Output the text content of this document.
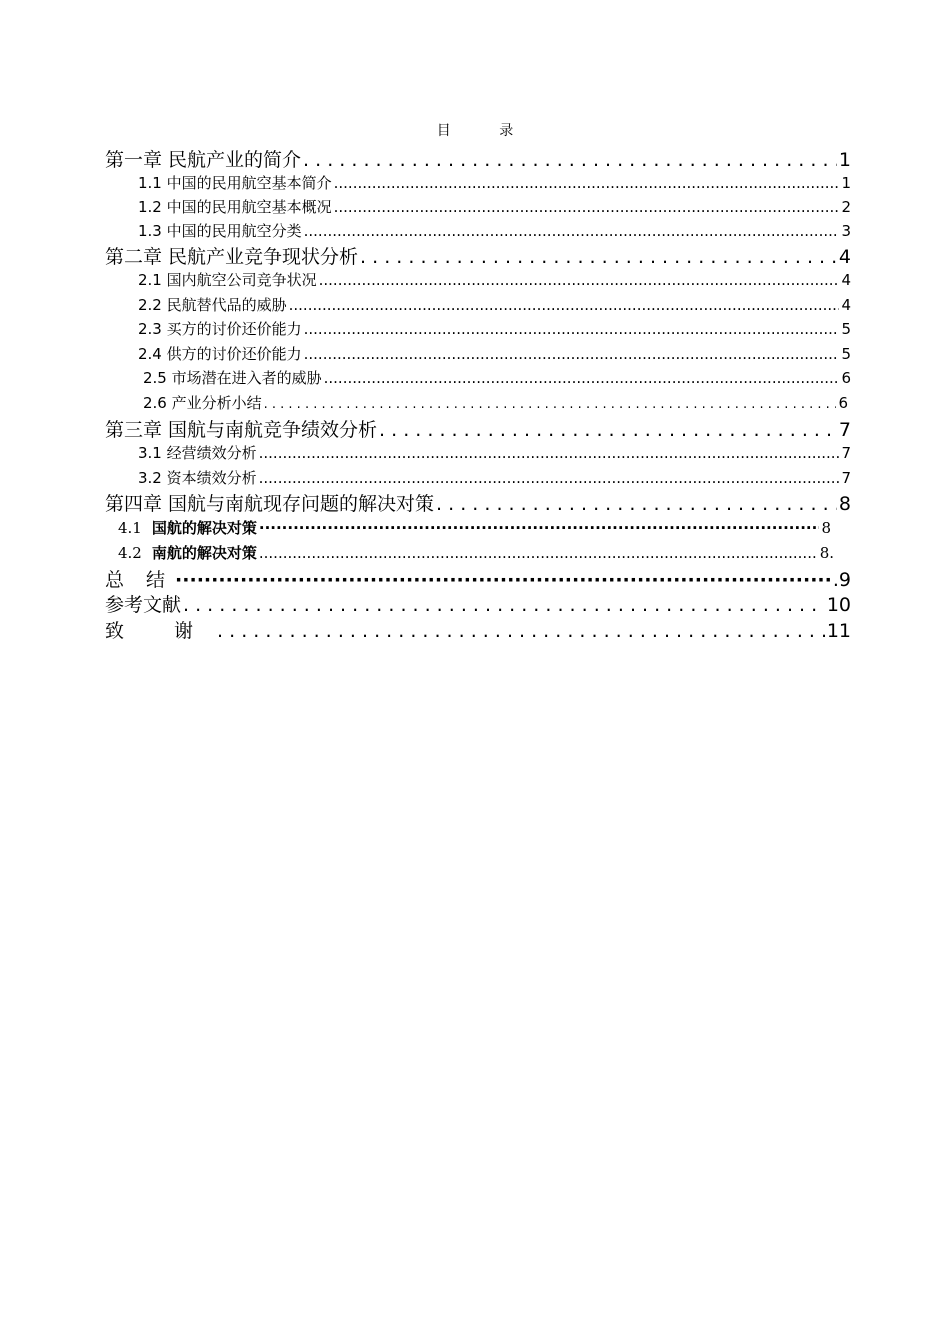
目 录
第一章 民航产业的简介 . . .	1
1.1 中国的民用航空基本简介 .....	1
1.2 中国的民用航空基本概况 .....	2
1.3 中国的民用航空分类 .....	3
第二章 民航产业竞争现状分析 . . .	4
2.1 国内航空公司竞争状况 .....	4
2.2 民航替代品的威胁 .....	4
2.3 买方的讨价还价能力 .....	5
2.4 供方的讨价还价能力 .....	5
2.5 市场潜在进入者的威胁 .....	6
2.6 产业分析小结 . . .	6
第三章 国航与南航竞争绩效分析 . . .	7
3.1 经营绩效分析 .....	7
3.2 资本绩效分析 .....	7
第四章 国航与南航现存问题的解决对策 . . .	8
4.1 国航的解决对策 ·····	8
4.2 南航的解决对策 .....	8.
总 结 ·····	.9
参考文献 . . .	10
致 谢 . . .	11
